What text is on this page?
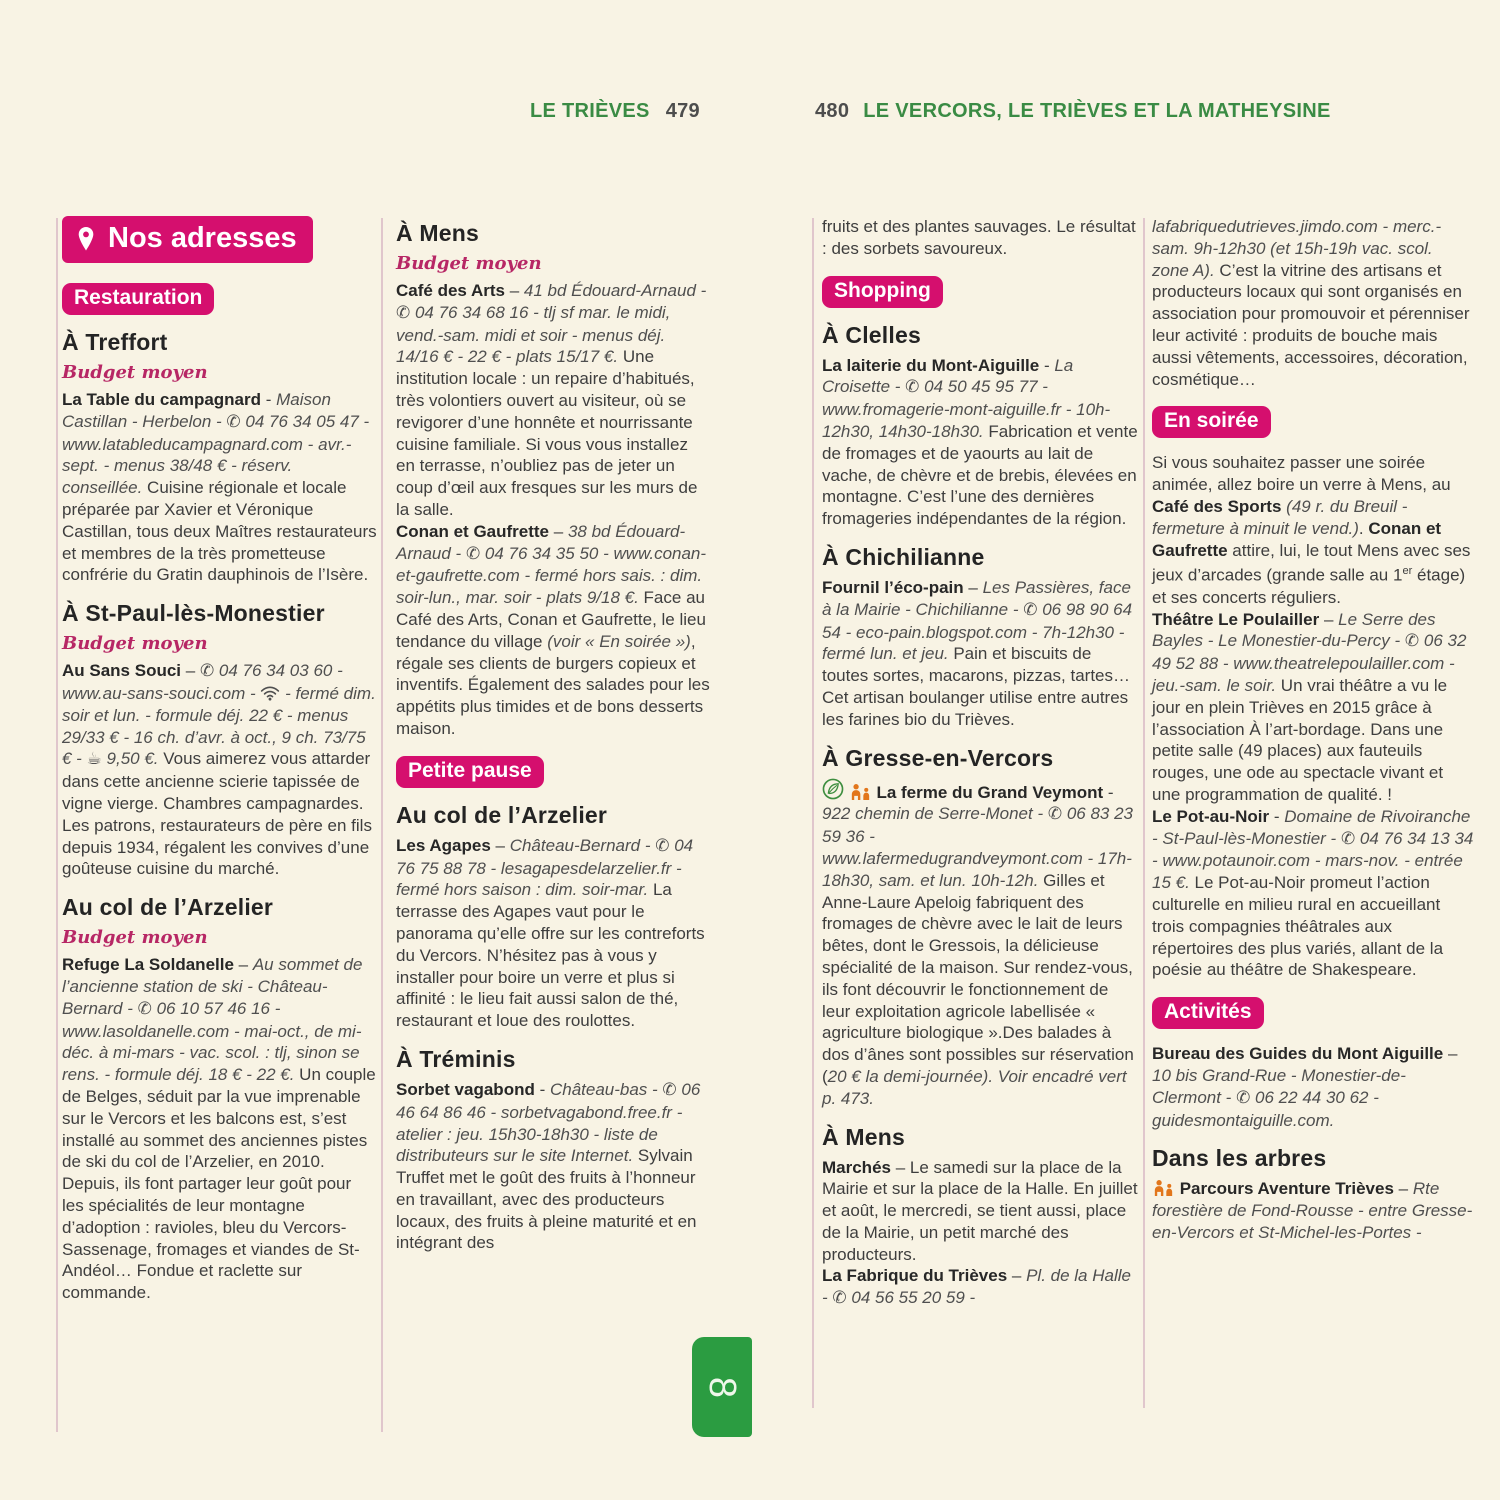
LE TRIÈVES 479	480 LE VERCORS, LE TRIÈVES ET LA MATHEYSINE
Nos adresses
Restauration
À Treffort
Budget moyen

La Table du campagnard - Maison Castillan - Herbelon - ✆ 04 76 34 05 47 - www.latableducampagnard.com - avr.-sept. - menus 38/48 € - réserv. conseillée. Cuisine régionale et locale préparée par Xavier et Véronique Castillan, tous deux Maîtres restaurateurs et membres de la très prometteuse confrérie du Gratin dauphinois de l’Isère.

À St-Paul-lès-Monestier
Budget moyen

Au Sans Souci – ✆ 04 76 34 03 60 - www.au-sans-souci.com -  - fermé dim. soir et lun. - formule déj. 22 € - menus 29/33 € - 16 ch. d’avr. à oct., 9 ch. 73/75 € - ☕ 9,50 €. Vous aimerez vous attarder dans cette ancienne scierie tapissée de vigne vierge. Chambres campagnardes. Les patrons, restaurateurs de père en fils depuis 1934, régalent les convives d’une goûteuse cuisine du marché.

Au col de l’Arzelier
Budget moyen

Refuge La Soldanelle – Au sommet de l’ancienne station de ski - Château-Bernard - ✆ 06 10 57 46 16 - www.lasoldanelle.com - mai-oct., de mi-déc. à mi-mars - vac. scol. : tlj, sinon se rens. - formule déj. 18 € - 22 €. Un couple de Belges, séduit par la vue imprenable sur le Vercors et les balcons est, s’est installé au sommet des anciennes pistes de ski du col de l’Arzelier, en 2010. Depuis, ils font partager leur goût pour les spécialités de leur montagne d’adoption : ravioles, bleu du Vercors-Sassenage, fromages et viandes de St-Andéol… Fondue et raclette sur commande.

À Mens
Budget moyen

Café des Arts – 41 bd Édouard-Arnaud - ✆ 04 76 34 68 16 - tlj sf mar. le midi, vend.-sam. midi et soir - menus déj. 14/16 € - 22 € - plats 15/17 €. Une institution locale : un repaire d’habitués, très volontiers ouvert au visiteur, où se revigorer d’une honnête et nourrissante cuisine familiale. Si vous vous installez en terrasse, n’oubliez pas de jeter un coup d’œil aux fresques sur les murs de la salle.

Conan et Gaufrette – 38 bd Édouard-Arnaud - ✆ 04 76 34 35 50 - www.conan-et-gaufrette.com - fermé hors sais. : dim. soir-lun., mar. soir - plats 9/18 €. Face au Café des Arts, Conan et Gaufrette, le lieu tendance du village (voir « En soirée »), régale ses clients de burgers copieux et inventifs. Également des salades pour les appétits plus timides et de bons desserts maison.

Petite pause
Au col de l’Arzelier

Les Agapes – Château-Bernard - ✆ 04 76 75 88 78 - lesagapesdelarzelier.fr - fermé hors saison : dim. soir-mar. La terrasse des Agapes vaut pour le panorama qu’elle offre sur les contreforts du Vercors. N’hésitez pas à vous y installer pour boire un verre et plus si affinité : le lieu fait aussi salon de thé, restaurant et loue des roulottes.

À Tréminis

Sorbet vagabond - Château-bas - ✆ 06 46 64 86 46 - sorbetvagabond.free.fr - atelier : jeu. 15h30-18h30 - liste de distributeurs sur le site Internet. Sylvain Truffet met le goût des fruits à l’honneur en travaillant, avec des producteurs locaux, des fruits à pleine maturité et en intégrant des

fruits et des plantes sauvages. Le résultat : des sorbets savoureux.

Shopping
À Clelles

La laiterie du Mont-Aiguille - La Croisette - ✆ 04 50 45 95 77 - www.fromagerie-mont-aiguille.fr - 10h-12h30, 14h30-18h30. Fabrication et vente de fromages et de yaourts au lait de vache, de chèvre et de brebis, élevées en montagne. C’est l’une des dernières fromageries indépendantes de la région.

À Chichilianne

Fournil l’éco-pain – Les Passières, face à la Mairie - Chichilianne - ✆ 06 98 90 64 54 - eco-pain.blogspot.com - 7h-12h30 - fermé lun. et jeu. Pain et biscuits de toutes sortes, macarons, pizzas, tartes… Cet artisan boulanger utilise entre autres les farines bio du Trièves.

À Gresse-en-Vercors

La ferme du Grand Veymont - 922 chemin de Serre-Monet - ✆ 06 83 23 59 36 - www.lafermedugrandveymont.com - 17h-18h30, sam. et lun. 10h-12h. Gilles et Anne-Laure Apeloig fabriquent des fromages de chèvre avec le lait de leurs bêtes, dont le Gressois, la délicieuse spécialité de la maison. Sur rendez-vous, ils font découvrir le fonctionnement de leur exploitation agricole labellisée « agriculture biologique ».Des balades à dos d’ânes sont possibles sur réservation (20 € la demi-journée). Voir encadré vert p. 473.

À Mens

Marchés – Le samedi sur la place de la Mairie et sur la place de la Halle. En juillet et août, le mercredi, se tient aussi, place de la Mairie, un petit marché des producteurs.

La Fabrique du Trièves – Pl. de la Halle - ✆ 04 56 55 20 59 -

lafabriquedutrieves.jimdo.com - merc.-sam. 9h-12h30 (et 15h-19h vac. scol. zone A). C’est la vitrine des artisans et producteurs locaux qui sont organisés en association pour promouvoir et pérenniser leur activité : produits de bouche mais aussi vêtements, accessoires, décoration, cosmétique…

En soirée

Si vous souhaitez passer une soirée animée, allez boire un verre à Mens, au Café des Sports (49 r. du Breuil - fermeture à minuit le vend.). Conan et Gaufrette attire, lui, le tout Mens avec ses jeux d’arcades (grande salle au 1er étage) et ses concerts réguliers.

Théâtre Le Poulailler – Le Serre des Bayles - Le Monestier-du-Percy - ✆ 06 32 49 52 88 - www.theatrelepoulailler.com - jeu.-sam. le soir. Un vrai théâtre a vu le jour en plein Trièves en 2015 grâce à l’association À l’art-bordage. Dans une petite salle (49 places) aux fauteuils rouges, une ode au spectacle vivant et une programmation de qualité. !

Le Pot-au-Noir - Domaine de Rivoiranche - St-Paul-lès-Monestier - ✆ 04 76 34 13 34 - www.potaunoir.com - mars-nov. - entrée 15 €. Le Pot-au-Noir promeut l’action culturelle en milieu rural en accueillant trois compagnies théâtrales aux répertoires des plus variés, allant de la poésie au théâtre de Shakespeare.

Activités

Bureau des Guides du Mont Aiguille – 10 bis Grand-Rue - Monestier-de-Clermont - ✆ 06 22 44 30 62 - guidesmontaiguille.com.

Dans les arbres

Parcours Aventure Trièves – Rte forestière de Fond-Rousse - entre Gresse-en-Vercors et St-Michel-les-Portes -

8
